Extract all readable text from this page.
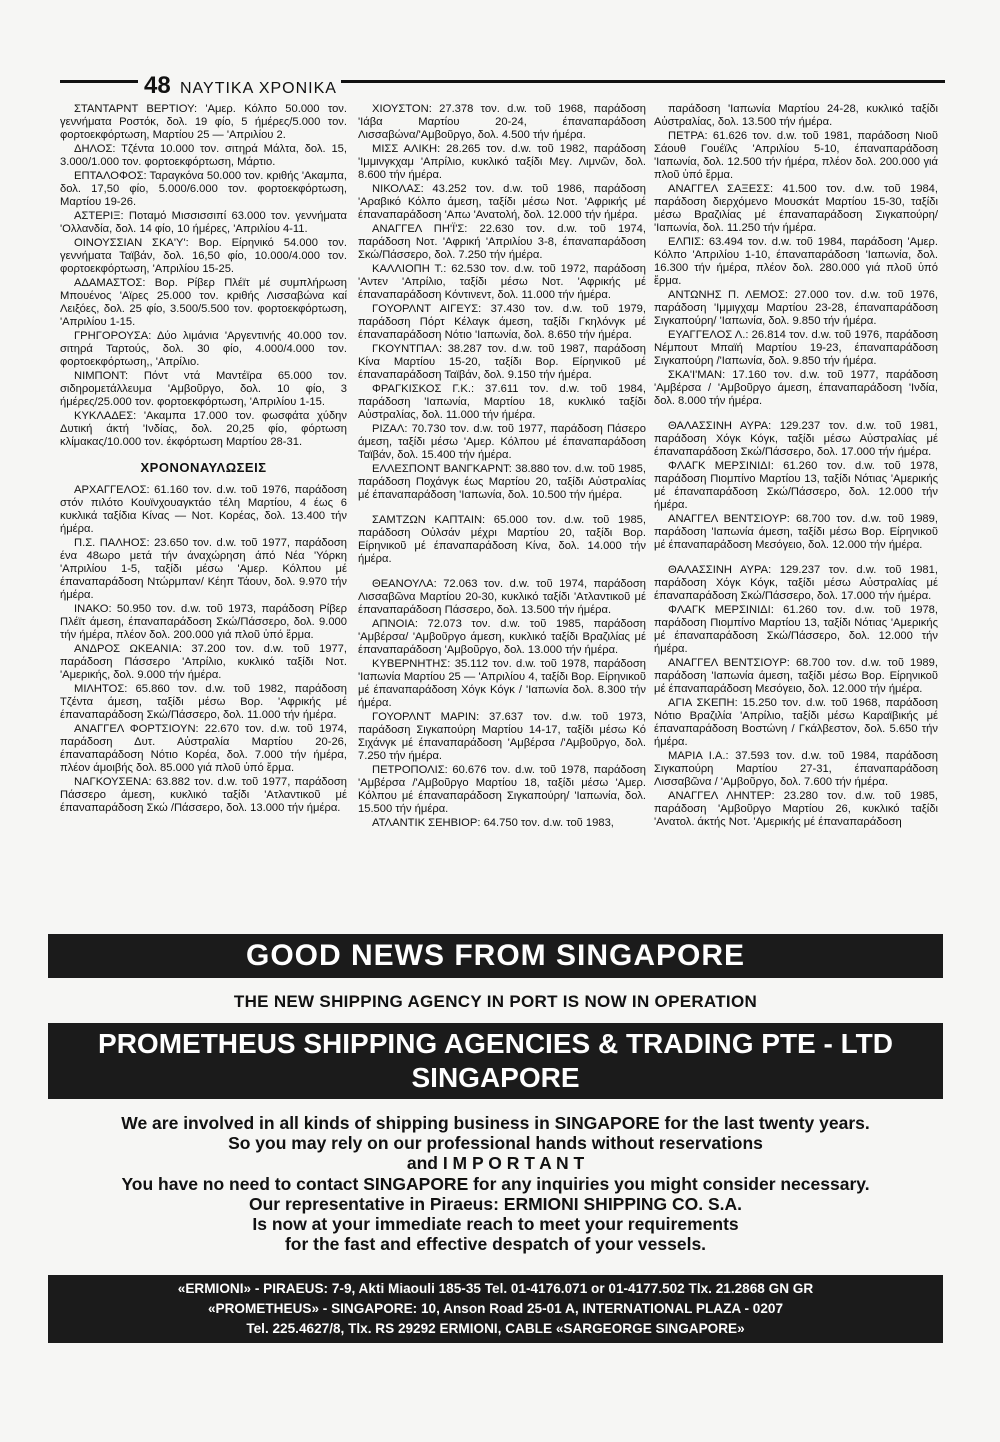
48 ΝΑΥΤΙΚΑ ΧΡΟΝΙΚΑ
ΣΤΑΝΤΑΡΝΤ ΒΕΡΤΙΟΥ: 'Αμερ. Κόλπο 50.000 τον. γεννήματα Ροστόκ, δολ. 19 φίο, 5 ήμέρες/5.000 τον. φορτοεκφόρτωση, Μαρτίου 25 — 'Απριλίου 2.
ΔΗΛΟΣ: Τζέντα 10.000 τον. σιτηρά Μάλτα, δολ. 15, 3.000/1.000 τον. φορτοεκφόρτωση, Μάρτιο.
ΕΠΤΑΛΟΦΟΣ: Ταραγκόνα 50.000 τον. κριθής 'Ακαμπα, δολ. 17,50 φίο, 5.000/6.000 τον. φορτοεκφόρτωση, Μαρτίου 19-26.
ΑΣΤΕΡΙΞ: Ποταμό Μισσισσιπί 63.000 τον. γεννήματα 'Ολλανδία, δολ. 14 φίο, 10 ήμέρες, 'Απριλίου 4-11.
ΟΙΝΟΥΣΣΙΑΝ ΣΚΑ'Υ': Βορ. Είρηνικό 54.000 τον. γεννήματα Ταϊβάν, δολ. 16,50 φίο, 10.000/4.000 τον. φορτοεκφόρτωση, 'Απριλίου 15-25.
ΑΔΑΜΑΣΤΟΣ: Βορ. Ρίβερ Πλέϊτ μέ συμπλήρωση Μπουένος 'Αϊρες 25.000 τον. κριθής Λισσαβώνα καί Λειξόες, δολ. 25 φίο, 3.500/5.500 τον. φορτοεκφόρτωση, 'Απριλίου 1-15.
ΓΡΗΓΟΡΟΥΣΑ: Δύο λιμάνια 'Αργεντινής 40.000 τον. σιτηρά Ταρτούς, δολ. 30 φίο, 4.000/4.000 τον. φορτοεκφόρτωση,, 'Απρίλιο.
ΝΙΜΠΟΝΤ: Πόντ ντά Μαντέϊρα 65.000 τον. σιδηρομετάλλευμα 'Αμβοῦργο, δολ. 10 φίο, 3 ήμέρες/25.000 τον. φορτοεκφόρτωση, 'Απριλίου 1-15.
ΚΥΚΛΑΔΕΣ: 'Ακαμπα 17.000 τον. φωσφάτα χύδην Δυτική άκτή 'Ινδίας, δολ. 20,25 φίο, φόρτωση κλίμακας/10.000 τον. έκφόρτωση Μαρτίου 28-31.
ΧΡΟΝΟΝΑΥΛΩΣΕΙΣ
ΑΡΧΑΓΓΕΛΟΣ: 61.160 τον. d.w. τοῦ 1976, παράδοση στόν πιλότο Κουϊνχουαγκτάο τέλη Μαρτίου, 4 έως 6 κυκλικά ταξίδια Κίνας — Νοτ. Κορέας, δολ. 13.400 τήν ήμέρα.
Π.Σ. ΠΑΛΗΟΣ: 23.650 τον. d.w. τοῦ 1977, παράδοση ένα 48ωρο μετά τήν άναχώρηση άπό Νέα 'Υόρκη 'Απριλίου 1-5, ταξίδι μέσω 'Αμερ. Κόλπου μέ έπαναπαράδοση Ντώρμπαν/ Κέηπ Τάουν, δολ. 9.970 τήν ήμέρα.
ΙΝΑΚΟ: 50.950 τον. d.w. τοῦ 1973, παράδοση Ρίβερ Πλέϊτ άμεση, έπαναπαράδοση Σκώ/Πάσσερο, δολ. 9.000 τήν ήμέρα, πλέον δολ. 200.000 γιά πλοῦ ὑπό ἕρμα.
ΑΝΔΡΟΣ ΩΚΕΑΝΙΑ: 37.200 τον. d.w. τοῦ 1977, παράδοση Πάσσερο 'Απρίλιο, κυκλικό ταξίδι Νοτ. 'Αμερικής, δολ. 9.000 τήν ήμέρα.
ΜΙΛΗΤΟΣ: 65.860 τον. d.w. τοῦ 1982, παράδοση Τζέντα άμεση, ταξίδι μέσω Βορ. 'Αφρικής μέ έπαναπαράδοση Σκώ/Πάσσερο, δολ. 11.000 τήν ήμέρα.
ΑΝΑΓΓΕΛ ΦΟΡΤΣΙΟΥΝ: 22.670 τον. d.w. τοῦ 1974, παράδοση Δυτ. Αὐστραλία Μαρτίου 20-26, έπαναπαράδοση Νότιο Κορέα, δολ. 7.000 τήν ήμέρα, πλέον άμοιβής δολ. 85.000 γιά πλοῦ ὑπό ἕρμα.
ΝΑΓΚΟΥΣΕΝΑ: 63.882 τον. d.w. τοῦ 1977, παράδοση Πάσσερο άμεση, κυκλικό ταξίδι 'Ατλαντικοῦ μέ έπαναπαράδοση Σκώ /Πάσσερο, δολ. 13.000 τήν ήμέρα.
ΧΙΟΥΣΤΟΝ: 27.378 τον. d.w. τοῦ 1968, παράδοση 'Ιάβα Μαρτίου 20-24, έπαναπαράδοση Λισσαβώνα/'Αμβοῦργο, δολ. 4.500 τήν ήμέρα.
ΜΙΣΣ ΑΛΙΚΗ: 28.265 τον. d.w. τοῦ 1982, παράδοση 'Ιμμινγκχαμ 'Απρίλιο, κυκλικό ταξίδι Μεγ. Λιμνῶν, δολ. 8.600 τήν ήμέρα.
ΝΙΚΟΛΑΣ: 43.252 τον. d.w. τοῦ 1986, παράδοση 'Αραβικό Κόλπο άμεση, ταξίδι μέσω Νοτ. 'Αφρικής μέ έπαναπαράδοση 'Απω 'Ανατολή, δολ. 12.000 τήν ήμέρα.
ΑΝΑΓΓΕΛ ΠΗ'Ϊ'Σ: 22.630 τον. d.w. τοῦ 1974, παράδοση Νοτ. 'Αφρική 'Απριλίου 3-8, έπαναπαράδοση Σκώ/Πάσσερο, δολ. 7.250 τήν ήμέρα.
ΚΑΛΛΙΟΠΗ Τ.: 62.530 τον. d.w. τοῦ 1972, παράδοση 'Αντεν 'Απρίλιο, ταξίδι μέσω Νοτ. 'Αφρικής μέ έπαναπαράδοση Κόντινεντ, δολ. 11.000 τήν ήμέρα.
ΓΟΥΟΡΛΝΤ ΑΙΓΕΥΣ: 37.430 τον. d.w. τοῦ 1979, παράδοση Πόρτ Κέλαγκ άμεση, ταξίδι Γκηλόνγκ μέ έπαναπαράδοση Νότιο 'Ιαπωνία, δολ. 8.650 τήν ήμέρα.
ΓΚΟΥΝΤΠΑΛ: 38.287 τον. d.w. τοῦ 1987, παράδοση Κίνα Μαρτίου 15-20, ταξίδι Βορ. Είρηνικοῦ μέ έπαναπαράδοση Ταϊβάν, δολ. 9.150 τήν ήμέρα.
ΦΡΑΓΚΙΣΚΟΣ Γ.Κ.: 37.611 τον. d.w. τοῦ 1984, παράδοση 'Ιαπωνία, Μαρτίου 18, κυκλικό ταξίδι Αὐστραλίας, δολ. 11.000 τήν ήμέρα.
ΡΙΖΑΛ: 70.730 τον. d.w. τοῦ 1977, παράδοση Πάσερο άμεση, ταξίδι μέσω 'Αμερ. Κόλπου μέ έπαναπαράδοση Ταϊβάν, δολ. 15.400 τήν ήμέρα.
ΕΛΛΕΣΠΟΝΤ ΒΑΝΓΚΑΡΝΤ: 38.880 τον. d.w. τοῦ 1985, παράδοση Ποχάνγκ έως Μαρτίου 20, ταξίδι Αὐστραλίας μέ έπαναπαράδοση 'Ιαπωνία, δολ. 10.500 τήν ήμέρα.
ΣΑΜΤΖΩΝ ΚΑΠΤΑΙΝ: 65.000 τον. d.w. τοῦ 1985, παράδοση Οὐλσάν μέχρι Μαρτίου 20, ταξίδι Βορ. Είρηνικοῦ μέ έπαναπαράδοση Κίνα, δολ. 14.000 τήν ήμέρα.
ΘΕΑΝΟΥΛΑ: 72.063 τον. d.w. τοῦ 1974, παράδοση Λισσαβῶνα Μαρτίου 20-30, κυκλικό ταξίδι 'Ατλαντικοῦ μέ έπαναπαράδοση Πάσσερο, δολ. 13.500 τήν ήμέρα.
ΑΠΝΟΙΑ: 72.073 τον. d.w. τοῦ 1985, παράδοση 'Αμβέρσα/ 'Αμβοῦργο άμεση, κυκλικό ταξίδι Βραζιλίας μέ έπαναπαράδοση 'Αμβοῦργο, δολ. 13.000 τήν ήμέρα.
ΚΥΒΕΡΝΗΤΗΣ: 35.112 τον. d.w. τοῦ 1978, παράδοση 'Ιαπωνία Μαρτίου 25 — 'Απριλίου 4, ταξίδι Βορ. Είρηνικοῦ μέ έπαναπαράδοση Χόγκ Κόγκ / 'Ιαπωνία δολ. 8.300 τήν ήμέρα.
ΓΟΥΟΡΛΝΤ ΜΑΡΙΝ: 37.637 τον. d.w. τοῦ 1973, παράδοση Σιγκαπούρη Μαρτίου 14-17, ταξίδι μέσω Κό Σιχάνγκ μέ έπαναπαράδοση 'Αμβέρσα /'Αμβοῦργο, δολ. 7.250 τήν ήμέρα.
ΠΕΤΡΟΠΟΛΙΣ: 60.676 τον. d.w. τοῦ 1978, παράδοση 'Αμβέρσα /'Αμβοῦργο Μαρτίου 18, ταξίδι μέσω 'Αμερ. Κόλπου μέ έπαναπαράδοση Σιγκαπούρη/ 'Ιαπωνία, δολ. 15.500 τήν ήμέρα.
ΑΤΛΑΝΤΙΚ ΣΕΗΒΙΟΡ: 64.750 τον. d.w. τοῦ 1983,
παράδοση 'Ιαπωνία Μαρτίου 24-28, κυκλικό ταξίδι Αὐστραλίας, δολ. 13.500 τήν ήμέρα.
ΠΕΤΡΑ: 61.626 τον. d.w. τοῦ 1981, παράδοση Νιοῦ Σάουθ Γουέϊλς 'Απριλίου 5-10, έπαναπαράδοση 'Ιαπωνία, δολ. 12.500 τήν ήμέρα, πλέον δολ. 200.000 γιά πλοῦ ὑπό ἕρμα.
ΑΝΑΓΓΕΛ ΣΑΞΕΣΣ: 41.500 τον. d.w. τοῦ 1984, παράδοση διερχόμενο Μουσκάτ Μαρτίου 15-30, ταξίδι μέσω Βραζιλίας μέ έπαναπαράδοση Σιγκαπούρη/ 'Ιαπωνία, δολ. 11.250 τήν ήμέρα.
ΕΛΠΙΣ: 63.494 τον. d.w. τοῦ 1984, παράδοση 'Αμερ. Κόλπο 'Απριλίου 1-10, έπαναπαράδοση 'Ιαπωνία, δολ. 16.300 τήν ήμέρα, πλέον δολ. 280.000 γιά πλοῦ ὑπό ἕρμα.
ΑΝΤΩΝΗΣ Π. ΛΕΜΟΣ: 27.000 τον. d.w. τοῦ 1976, παράδοση 'Ιμμιγχαμ Μαρτίου 23-28, έπαναπαράδοση Σιγκαπούρη/ 'Ιαπωνία, δολ. 9.850 τήν ήμέρα.
ΕΥΑΓΓΕΛΟΣ Λ.: 26.814 τον. d.w. τοῦ 1976, παράδοση Νέμπουτ Μπαϊή Μαρτίου 19-23, έπαναπαράδοση Σιγκαπούρη /'Ιαπωνία, δολ. 9.850 τήν ήμέρα.
ΣΚΑ'Ι'ΜΑΝ: 17.160 τον. d.w. τοῦ 1977, παράδοση 'Αμβέρσα / 'Αμβοῦργο άμεση, έπαναπαράδοση 'Ινδία, δολ. 8.000 τήν ήμέρα.
ΘΑΛΑΣΣΙΝΗ ΑΥΡΑ: 129.237 τον. d.w. τοῦ 1981, παράδοση Χόγκ Κόγκ, ταξίδι μέσω Αὐστραλίας μέ έπαναπαράδοση Σκώ/Πάσσερο, δολ. 17.000 τήν ήμέρα.
ΦΛΑΓΚ ΜΕΡΣΙΝΙΔΙ: 61.260 τον. d.w. τοῦ 1978, παράδοση Πιομπίνο Μαρτίου 13, ταξίδι Νότιας 'Αμερικής μέ έπαναπαράδοση Σκώ/Πάσσερο, δολ. 12.000 τήν ήμέρα.
ΑΝΑΓΓΕΛ ΒΕΝΤΣΙΟΥΡ: 68.700 τον. d.w. τοῦ 1989, παράδοση 'Ιαπωνία άμεση, ταξίδι μέσω Βορ. Είρηνικοῦ μέ έπαναπαράδοση Μεσόγειο, δολ. 12.000 τήν ήμέρα.
ΘΑΛΑΣΣΙΝΗ ΑΥΡΑ: 129.237 τον. d.w. τοῦ 1981, παράδοση Χόγκ Κόγκ, ταξίδι μέσω Αὐστραλίας μέ έπαναπαράδοση Σκώ/Πάσσερο, δολ. 17.000 τήν ήμέρα.
ΦΛΑΓΚ ΜΕΡΣΙΝΙΔΙ: 61.260 τον. d.w. τοῦ 1978, παράδοση Πιομπίνο Μαρτίου 13, ταξίδι Νότιας 'Αμερικής μέ έπαναπαράδοση Σκώ/Πάσσερο, δολ. 12.000 τήν ήμέρα.
ΑΝΑΓΓΕΛ ΒΕΝΤΣΙΟΥΡ: 68.700 τον. d.w. τοῦ 1989, παράδοση 'Ιαπωνία άμεση, ταξίδι μέσω Βορ. Είρηνικοῦ μέ έπαναπαράδοση Μεσόγειο, δολ. 12.000 τήν ήμέρα.
ΑΓΙΑ ΣΚΕΠΗ: 15.250 τον. d.w. τοῦ 1968, παράδοση Νότιο Βραζιλία 'Απρίλιο, ταξίδι μέσω Καραϊβικής μέ έπαναπαράδοση Βοστώνη / Γκάλβεστον, δολ. 5.650 τήν ήμέρα.
ΜΑΡΙΑ Ι.Α.: 37.593 τον. d.w. τοῦ 1984, παράδοση Σιγκαπούρη Μαρτίου 27-31, έπαναπαράδοση Λισσαβῶνα / 'Αμβοῦργο, δολ. 7.600 τήν ήμέρα.
ΑΝΑΓΓΕΛ ΛΗΝΤΕΡ: 23.280 τον. d.w. τοῦ 1985, παράδοση 'Αμβοῦργο Μαρτίου 26, κυκλικό ταξίδι 'Ανατολ. άκτής Νοτ. 'Αμερικής μέ έπαναπαράδοση
GOOD NEWS FROM SINGAPORE
THE NEW SHIPPING AGENCY IN PORT IS NOW IN OPERATION
PROMETHEUS SHIPPING AGENCIES & TRADING PTE - LTD
SINGAPORE
We are involved in all kinds of shipping business in SINGAPORE for the last twenty years.
So you may rely on our professional hands without reservations
and I M P O R T A N T
You have no need to contact SINGAPORE for any inquiries you might consider necessary.
Our representative in Piraeus: ERMIONI SHIPPING CO. S.A.
Is now at your immediate reach to meet your requirements
for the fast and effective despatch of your vessels.
«ERMIONI» - PIRAEUS: 7-9, Akti Miaouli 185-35 Tel. 01-4176.071 or 01-4177.502 Tlx. 21.2868 GN GR
«PROMETHEUS» - SINGAPORE: 10, Anson Road 25-01 A, INTERNATIONAL PLAZA - 0207
Tel. 225.4627/8, Tlx. RS 29292 ERMIONI, CABLE «SARGEORGE SINGAPORE»
